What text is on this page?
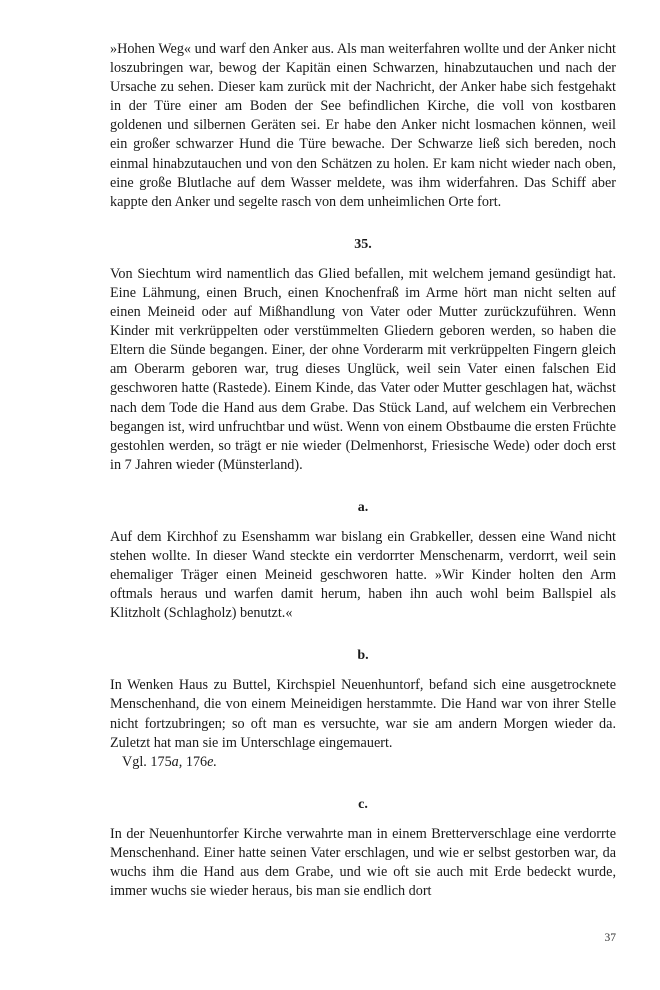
»Hohen Weg« und warf den Anker aus. Als man weiterfahren wollte und der Anker nicht loszubringen war, bewog der Kapitän einen Schwarzen, hinabzutauchen und nach der Ursache zu sehen. Dieser kam zurück mit der Nachricht, der Anker habe sich festgehakt in der Türe einer am Boden der See befindlichen Kirche, die voll von kostbaren goldenen und silbernen Geräten sei. Er habe den Anker nicht losmachen können, weil ein großer schwarzer Hund die Türe bewache. Der Schwarze ließ sich bereden, noch einmal hinabzutauchen und von den Schätzen zu holen. Er kam nicht wieder nach oben, eine große Blutlache auf dem Wasser meldete, was ihm widerfahren. Das Schiff aber kappte den Anker und segelte rasch von dem unheimlichen Orte fort.

35.

Von Siechtum wird namentlich das Glied befallen, mit welchem jemand gesündigt hat. Eine Lähmung, einen Bruch, einen Knochenfraß im Arme hört man nicht selten auf einen Meineid oder auf Mißhandlung von Vater oder Mutter zurückzuführen. Wenn Kinder mit verkrüppelten oder verstümmelten Gliedern geboren werden, so haben die Eltern die Sünde begangen. Einer, der ohne Vorderarm mit verkrüppelten Fingern gleich am Oberarm geboren war, trug dieses Unglück, weil sein Vater einen falschen Eid geschworen hatte (Rastede). Einem Kinde, das Vater oder Mutter geschlagen hat, wächst nach dem Tode die Hand aus dem Grabe. Das Stück Land, auf welchem ein Verbrechen begangen ist, wird unfruchtbar und wüst. Wenn von einem Obstbaume die ersten Früchte gestohlen werden, so trägt er nie wieder (Delmenhorst, Friesische Wede) oder doch erst in 7 Jahren wieder (Münsterland).

a.

Auf dem Kirchhof zu Esenshamm war bislang ein Grabkeller, dessen eine Wand nicht stehen wollte. In dieser Wand steckte ein verdorrter Menschenarm, verdorrt, weil sein ehemaliger Träger einen Meineid geschworen hatte. »Wir Kinder holten den Arm oftmals heraus und warfen damit herum, haben ihn auch wohl beim Ballspiel als Klitzholt (Schlagholz) benutzt.«

b.

In Wenken Haus zu Buttel, Kirchspiel Neuenhuntorf, befand sich eine ausgetrocknete Menschenhand, die von einem Meineidigen herstammte. Die Hand war von ihrer Stelle nicht fortzubringen; so oft man es versuchte, war sie am andern Morgen wieder da. Zuletzt hat man sie im Unterschlage eingemauert.

Vgl. 175a, 176e.

c.

In der Neuenhuntorfer Kirche verwahrte man in einem Bretterverschlage eine verdorrte Menschenhand. Einer hatte seinen Vater erschlagen, und wie er selbst gestorben war, da wuchs ihm die Hand aus dem Grabe, und wie oft sie auch mit Erde bedeckt wurde, immer wuchs sie wieder heraus, bis man sie endlich dort

37
